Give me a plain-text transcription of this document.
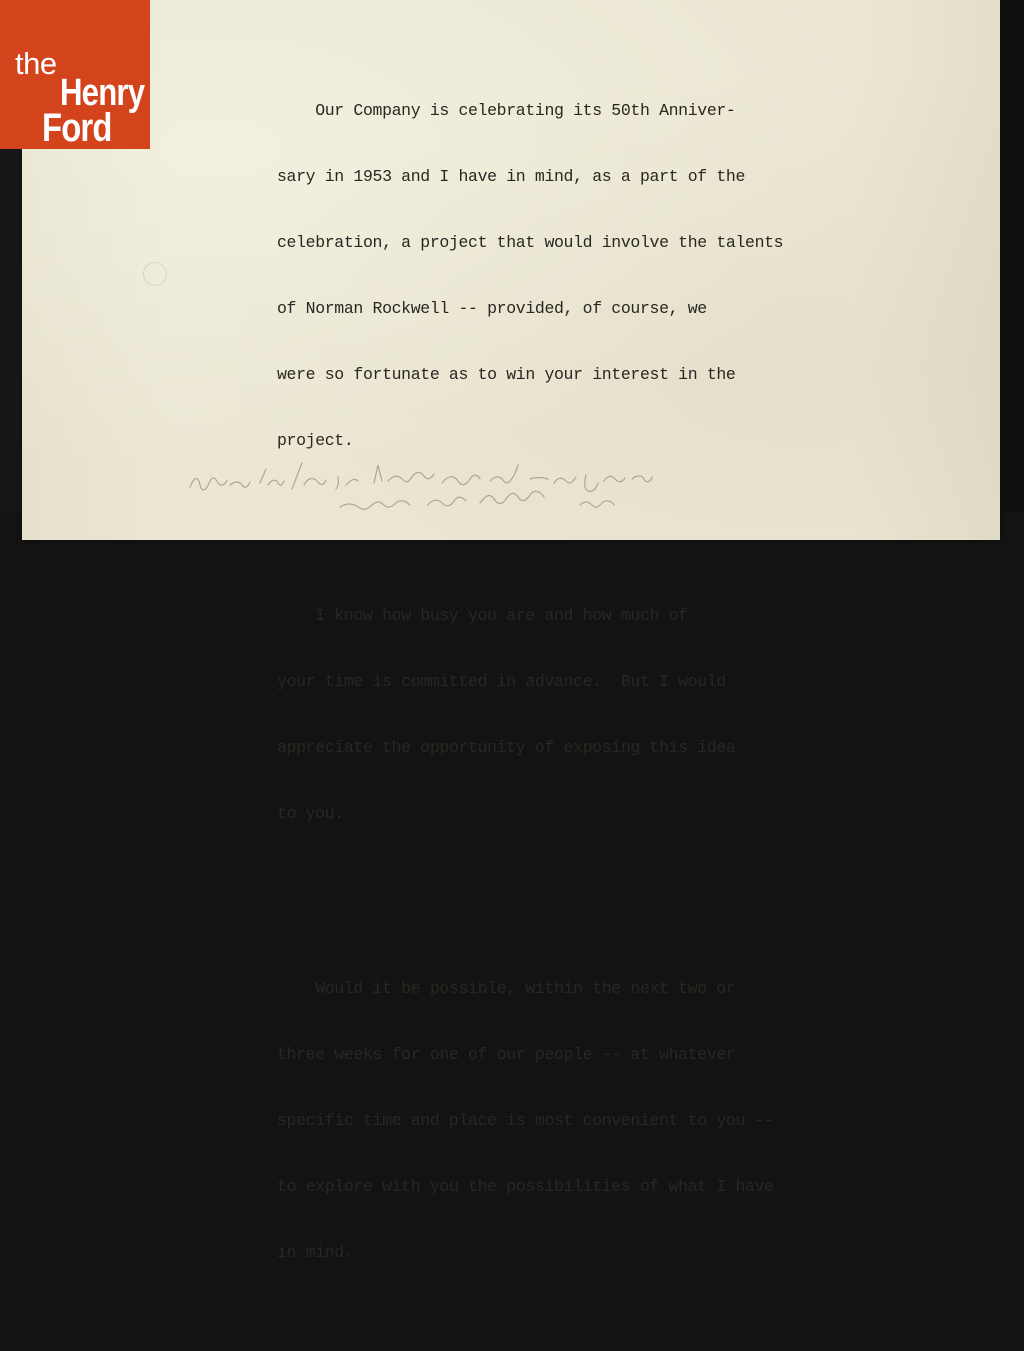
Our Company is celebrating its 50th Anniver-

sary in 1953 and I have in mind, as a part of the

celebration, a project that would involve the talents

of Norman Rockwell -- provided, of course, we

were so fortunate as to win your interest in the

project.

I know how busy you are and how much of

your time is committed in advance.  But I would

appreciate the opportunity of exposing this idea

to you.

Would it be possible, within the next two or

three weeks for one of our people -- at whatever

specific time and place is most convenient to you --

to explore with you the possibilities of what I have

in mind.

the
Henry
Ford
